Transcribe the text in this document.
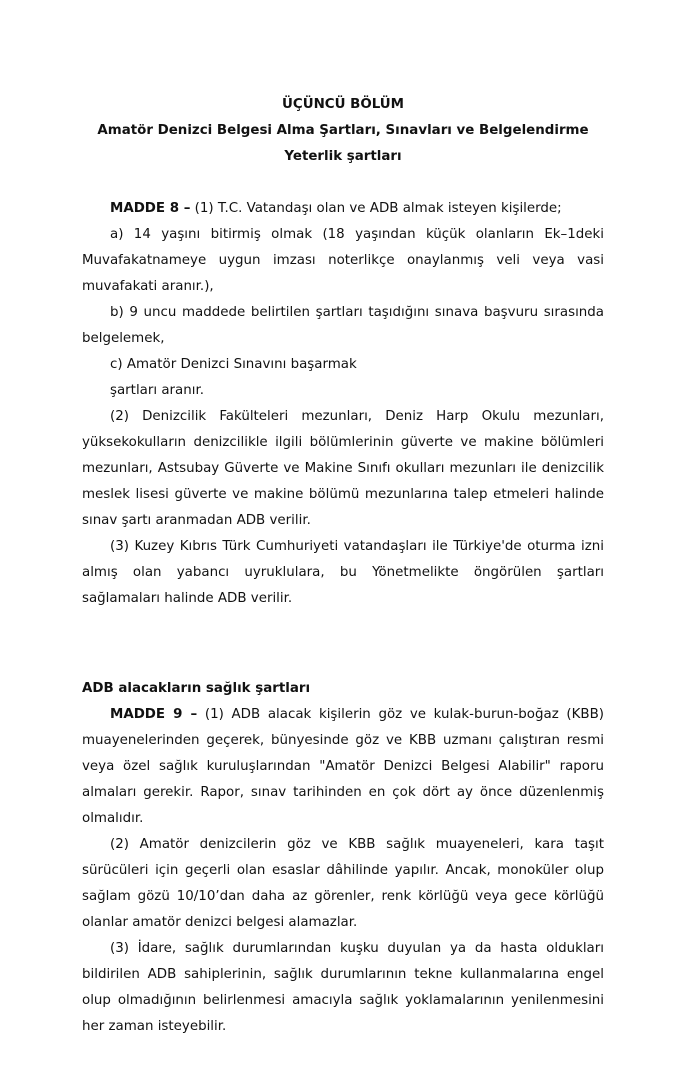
ÜÇÜNCÜ BÖLÜM
Amatör Denizci Belgesi Alma Şartları, Sınavları ve Belgelendirme
Yeterlik şartları

MADDE 8 – (1) T.C. Vatandaşı olan ve ADB almak isteyen kişilerde;

a) 14 yaşını bitirmiş olmak (18 yaşından küçük olanların Ek–1deki Muvafakatnameye uygun imzası noterlikçe onaylanmış veli veya vasi muvafakati aranır.),

b) 9 uncu maddede belirtilen şartları taşıdığını sınava başvuru sırasında belgelemek,

c) Amatör Denizci Sınavını başarmak

şartları aranır.

(2) Denizcilik Fakülteleri mezunları, Deniz Harp Okulu mezunları, yüksekokulların denizcilikle ilgili bölümlerinin güverte ve makine bölümleri mezunları, Astsubay Güverte ve Makine Sınıfı okulları mezunları ile denizcilik meslek lisesi güverte ve makine bölümü mezunlarına talep etmeleri halinde sınav şartı aranmadan ADB verilir.

(3) Kuzey Kıbrıs Türk Cumhuriyeti vatandaşları ile Türkiye'de oturma izni almış olan yabancı uyruklulara, bu Yönetmelikte öngörülen şartları sağlamaları halinde ADB verilir.

ADB alacakların sağlık şartları

MADDE 9 – (1) ADB alacak kişilerin göz ve kulak-burun-boğaz (KBB) muayenelerinden geçerek, bünyesinde göz ve KBB uzmanı çalıştıran resmi veya özel sağlık kuruluşlarından "Amatör Denizci Belgesi Alabilir" raporu almaları gerekir. Rapor, sınav tarihinden en çok dört ay önce düzenlenmiş olmalıdır.

(2) Amatör denizcilerin göz ve KBB sağlık muayeneleri, kara taşıt sürücüleri için geçerli olan esaslar dâhilinde yapılır. Ancak, monoküler olup sağlam gözü 10/10’dan daha az görenler, renk körlüğü veya gece körlüğü olanlar amatör denizci belgesi alamazlar.

(3) İdare, sağlık durumlarından kuşku duyulan ya da hasta oldukları bildirilen ADB sahiplerinin, sağlık durumlarının tekne kullanmalarına engel olup olmadığının belirlenmesi amacıyla sağlık yoklamalarının yenilenmesini her zaman isteyebilir.
